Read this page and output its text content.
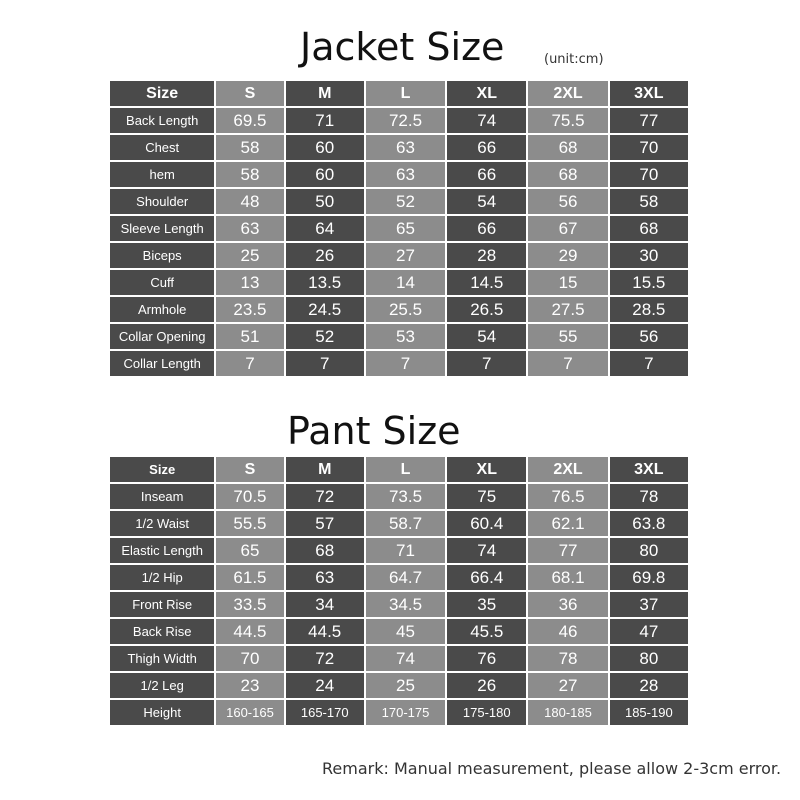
Jacket Size	(unit:cm)
Size	S	M	L	XL	2XL	3XL
Back Length	69.5	71	72.5	74	75.5	77
Chest	58	60	63	66	68	70
hem	58	60	63	66	68	70
Shoulder	48	50	52	54	56	58
Sleeve Length	63	64	65	66	67	68
Biceps	25	26	27	28	29	30
Cuff	13	13.5	14	14.5	15	15.5
Armhole	23.5	24.5	25.5	26.5	27.5	28.5
Collar Opening	51	52	53	54	55	56
Collar Length	7	7	7	7	7	7
Pant Size
Size	S	M	L	XL	2XL	3XL
Inseam	70.5	72	73.5	75	76.5	78
1/2 Waist	55.5	57	58.7	60.4	62.1	63.8
Elastic Length	65	68	71	74	77	80
1/2 Hip	61.5	63	64.7	66.4	68.1	69.8
Front Rise	33.5	34	34.5	35	36	37
Back Rise	44.5	44.5	45	45.5	46	47
Thigh Width	70	72	74	76	78	80
1/2 Leg	23	24	25	26	27	28
Height	160-165	165-170	170-175	175-180	180-185	185-190
Remark: Manual measurement, please allow 2-3cm error.
